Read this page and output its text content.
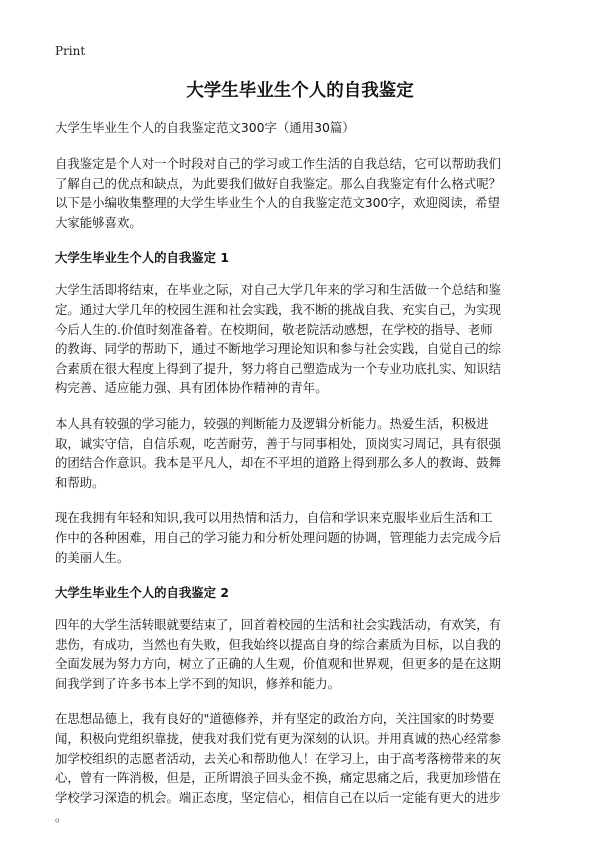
Print
大学生毕业生个人的自我鉴定
大学生毕业生个人的自我鉴定范文300字（通用30篇）
自我鉴定是个人对一个时段对自己的学习或工作生活的自我总结，它可以帮助我们
了解自己的优点和缺点，为此要我们做好自我鉴定。那么自我鉴定有什么格式呢？
以下是小编收集整理的大学生毕业生个人的自我鉴定范文300字，欢迎阅读，希望
大家能够喜欢。
大学生毕业生个人的自我鉴定 1
大学生活即将结束，在毕业之际，对自己大学几年来的学习和生活做一个总结和鉴
定。通过大学几年的校园生涯和社会实践，我不断的挑战自我、充实自己，为实现
今后人生的.价值时刻准备着。在校期间，敬老院活动感想，在学校的指导、老师
的教诲、同学的帮助下，通过不断地学习理论知识和参与社会实践，自觉自己的综
合素质在很大程度上得到了提升，努力将自己塑造成为一个专业功底扎实、知识结
构完善、适应能力强、具有团体协作精神的青年。
本人具有较强的学习能力，较强的判断能力及逻辑分析能力。热爱生活，积极进
取，诚实守信，自信乐观，吃苦耐劳，善于与同事相处，顶岗实习周记，具有很强
的团结合作意识。我本是平凡人，却在不平坦的道路上得到那么多人的教诲、鼓舞
和帮助。
现在我拥有年轻和知识,我可以用热情和活力，自信和学识来克服毕业后生活和工
作中的各种困难，用自己的学习能力和分析处理问题的协调，管理能力去完成今后
的美丽人生。
大学生毕业生个人的自我鉴定 2
四年的大学生活转眼就要结束了，回首着校园的生活和社会实践活动，有欢笑，有
悲伤，有成功，当然也有失败，但我始终以提高自身的综合素质为目标，以自我的
全面发展为努力方向，树立了正确的人生观，价值观和世界观，但更多的是在这期
间我学到了许多书本上学不到的知识，修养和能力。
在思想品德上，我有良好的"道德修养，并有坚定的政治方向，关注国家的时势要
闻，积极向党组织靠拢，使我对我们党有更为深刻的认识。并用真诚的热心经常参
加学校组织的志愿者活动，去关心和帮助他人！在学习上，由于高考落榜带来的灰
心，曾有一阵消极，但是，正所谓浪子回头金不换，痛定思痛之后，我更加珍惜在
学校学习深造的机会。端正态度，坚定信心，相信自己在以后一定能有更大的进步
。
